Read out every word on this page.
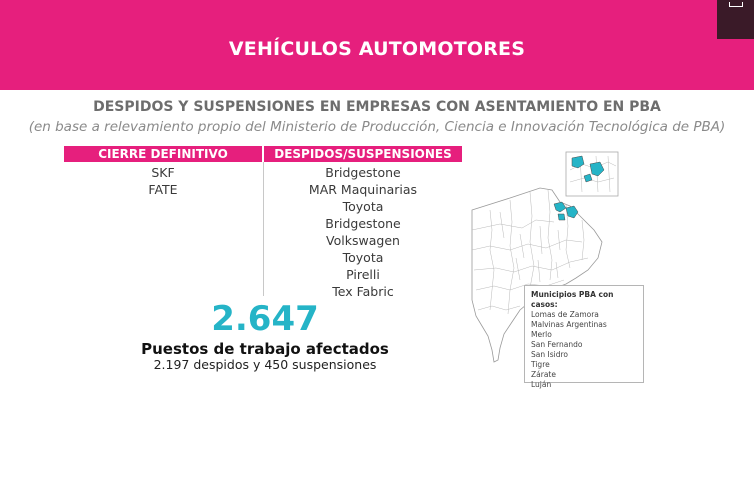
VEHÍCULOS AUTOMOTORES
DESPIDOS Y SUSPENSIONES EN EMPRESAS CON ASENTAMIENTO EN PBA
(en base a relevamiento propio del Ministerio de Producción, Ciencia e Innovación Tecnológica de PBA)
CIERRE DEFINITIVO	DESPIDOS/SUSPENSIONES
SKF
FATE
Bridgestone
MAR Maquinarias
Toyota
Bridgestone
Volkswagen
Toyota
Pirelli
Tex Fabric
2.647
Puestos de trabajo afectados
2.197 despidos y 450 suspensiones
Municipios PBA con casos:
Lomas de Zamora
Malvinas Argentinas
Merlo
San Fernando
San Isidro
Tigre
Zárate
Luján
